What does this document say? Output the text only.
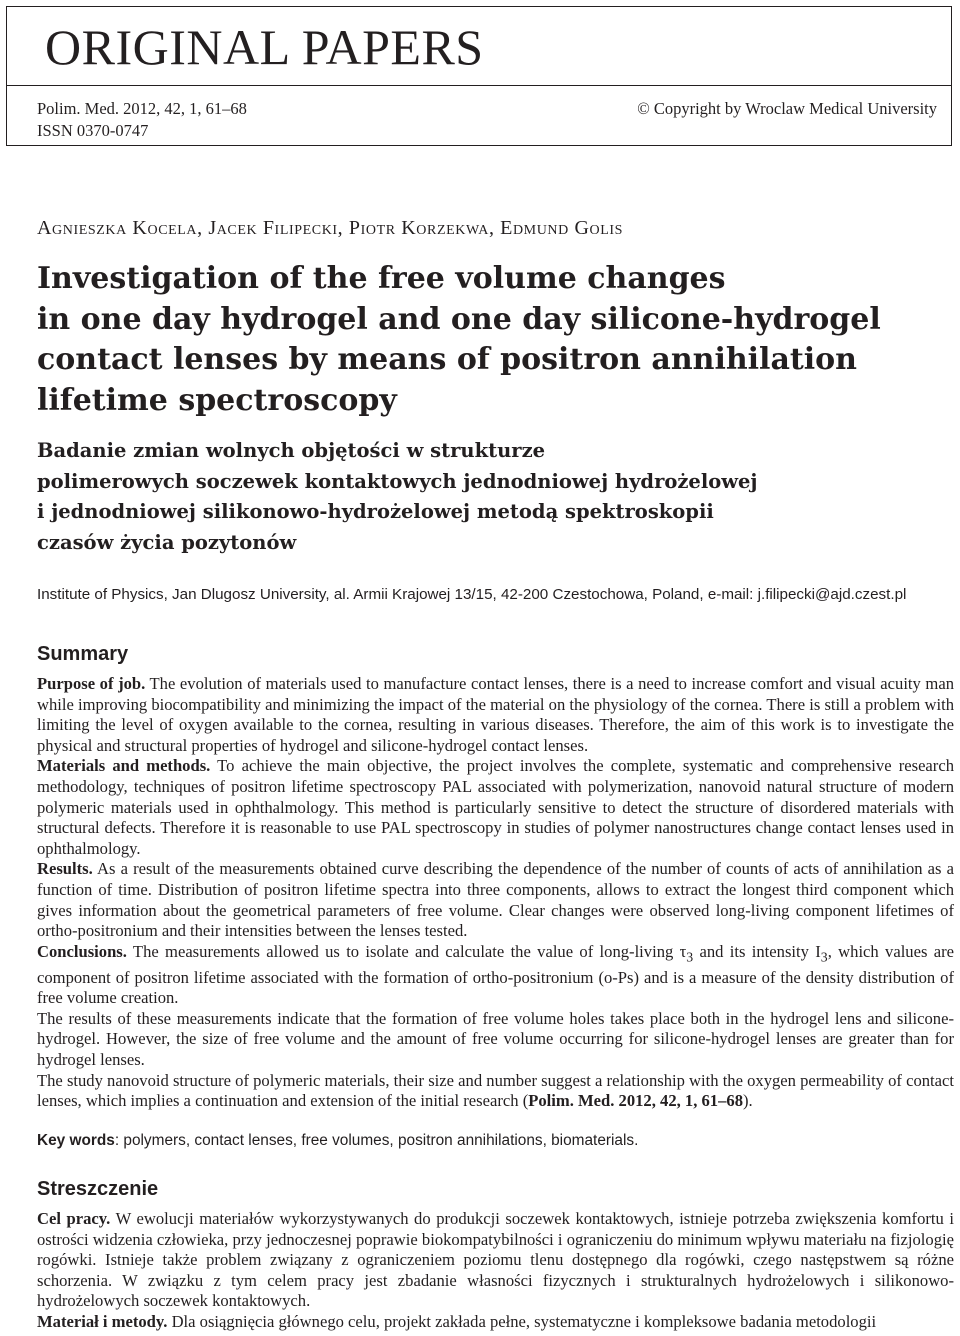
ORIGINAL PAPERS
Polim. Med. 2012, 42, 1, 61–68
ISSN 0370-0747
© Copyright by Wroclaw Medical University
Agnieszka Kocela, Jacek Filipecki, Piotr Korzekwa, Edmund Golis
Investigation of the free volume changes
in one day hydrogel and one day silicone-hydrogel
contact lenses by means of positron annihilation
lifetime spectroscopy
Badanie zmian wolnych objętości w strukturze
polimerowych soczewek kontaktowych jednodniowej hydrożelowej
i jednodniowej silikonowo-hydrożelowej metodą spektroskopii
czasów życia pozytonów
Institute of Physics, Jan Dlugosz University, al. Armii Krajowej 13/15, 42-200 Czestochowa, Poland, e-mail: j.filipecki@ajd.czest.pl
Summary

Purpose of job. The evolution of materials used to manufacture contact lenses, there is a need to increase comfort and visual acuity man while improving biocompatibility and minimizing the impact of the material on the physiology of the cornea. There is still a problem with limiting the level of oxygen available to the cornea, resulting in various diseases. Therefore, the aim of this work is to investigate the physical and structural properties of hydrogel and silicone-hydrogel contact lenses.

Materials and methods. To achieve the main objective, the project involves the complete, systematic and comprehensive research methodology, techniques of positron lifetime spectroscopy PAL associated with polymerization, nanovoid natural structure of modern polymeric materials used in ophthalmology. This method is particularly sensitive to detect the structure of disordered materials with structural defects. Therefore it is reasonable to use PAL spectroscopy in studies of polymer nanostructures change contact lenses used in ophthalmology.

Results. As a result of the measurements obtained curve describing the dependence of the number of counts of acts of annihilation as a function of time. Distribution of positron lifetime spectra into three components, allows to extract the longest third component which gives information about the geometrical parameters of free volume. Clear changes were observed long-living component lifetimes of ortho-positronium and their intensities between the lenses tested.

Conclusions. The measurements allowed us to isolate and calculate the value of long-living $\tau_3$ and its intensity $I_3$, which values are component of positron lifetime associated with the formation of ortho-positronium (o-Ps) and is a measure of the density distribution of free volume creation.

The results of these measurements indicate that the formation of free volume holes takes place both in the hydrogel lens and silicone-hydrogel. However, the size of free volume and the amount of free volume occurring for silicone-hydrogel lenses are greater than for hydrogel lenses.

The study nanovoid structure of polymeric materials, their size and number suggest a relationship with the oxygen permeability of contact lenses, which implies a continuation and extension of the initial research (Polim. Med. 2012, 42, 1, 61–68).

Key words: polymers, contact lenses, free volumes, positron annihilations, biomaterials.
Streszczenie

Cel pracy. W ewolucji materiałów wykorzystywanych do produkcji soczewek kontaktowych, istnieje potrzeba zwiększenia komfortu i ostrości widzenia człowieka, przy jednoczesnej poprawie biokompatybilności i ograniczeniu do minimum wpływu materiału na fizjologię rogówki. Istnieje także problem związany z ograniczeniem poziomu tlenu dostępnego dla rogówki, czego następstwem są różne schorzenia. W związku z tym celem pracy jest zbadanie własności fizycznych i strukturalnych hydrożelowych i silikonowo-hydrożelowych soczewek kontaktowych.

Materiał i metody. Dla osiągnięcia głównego celu, projekt zakłada pełne, systematyczne i kompleksowe badania metodologii
